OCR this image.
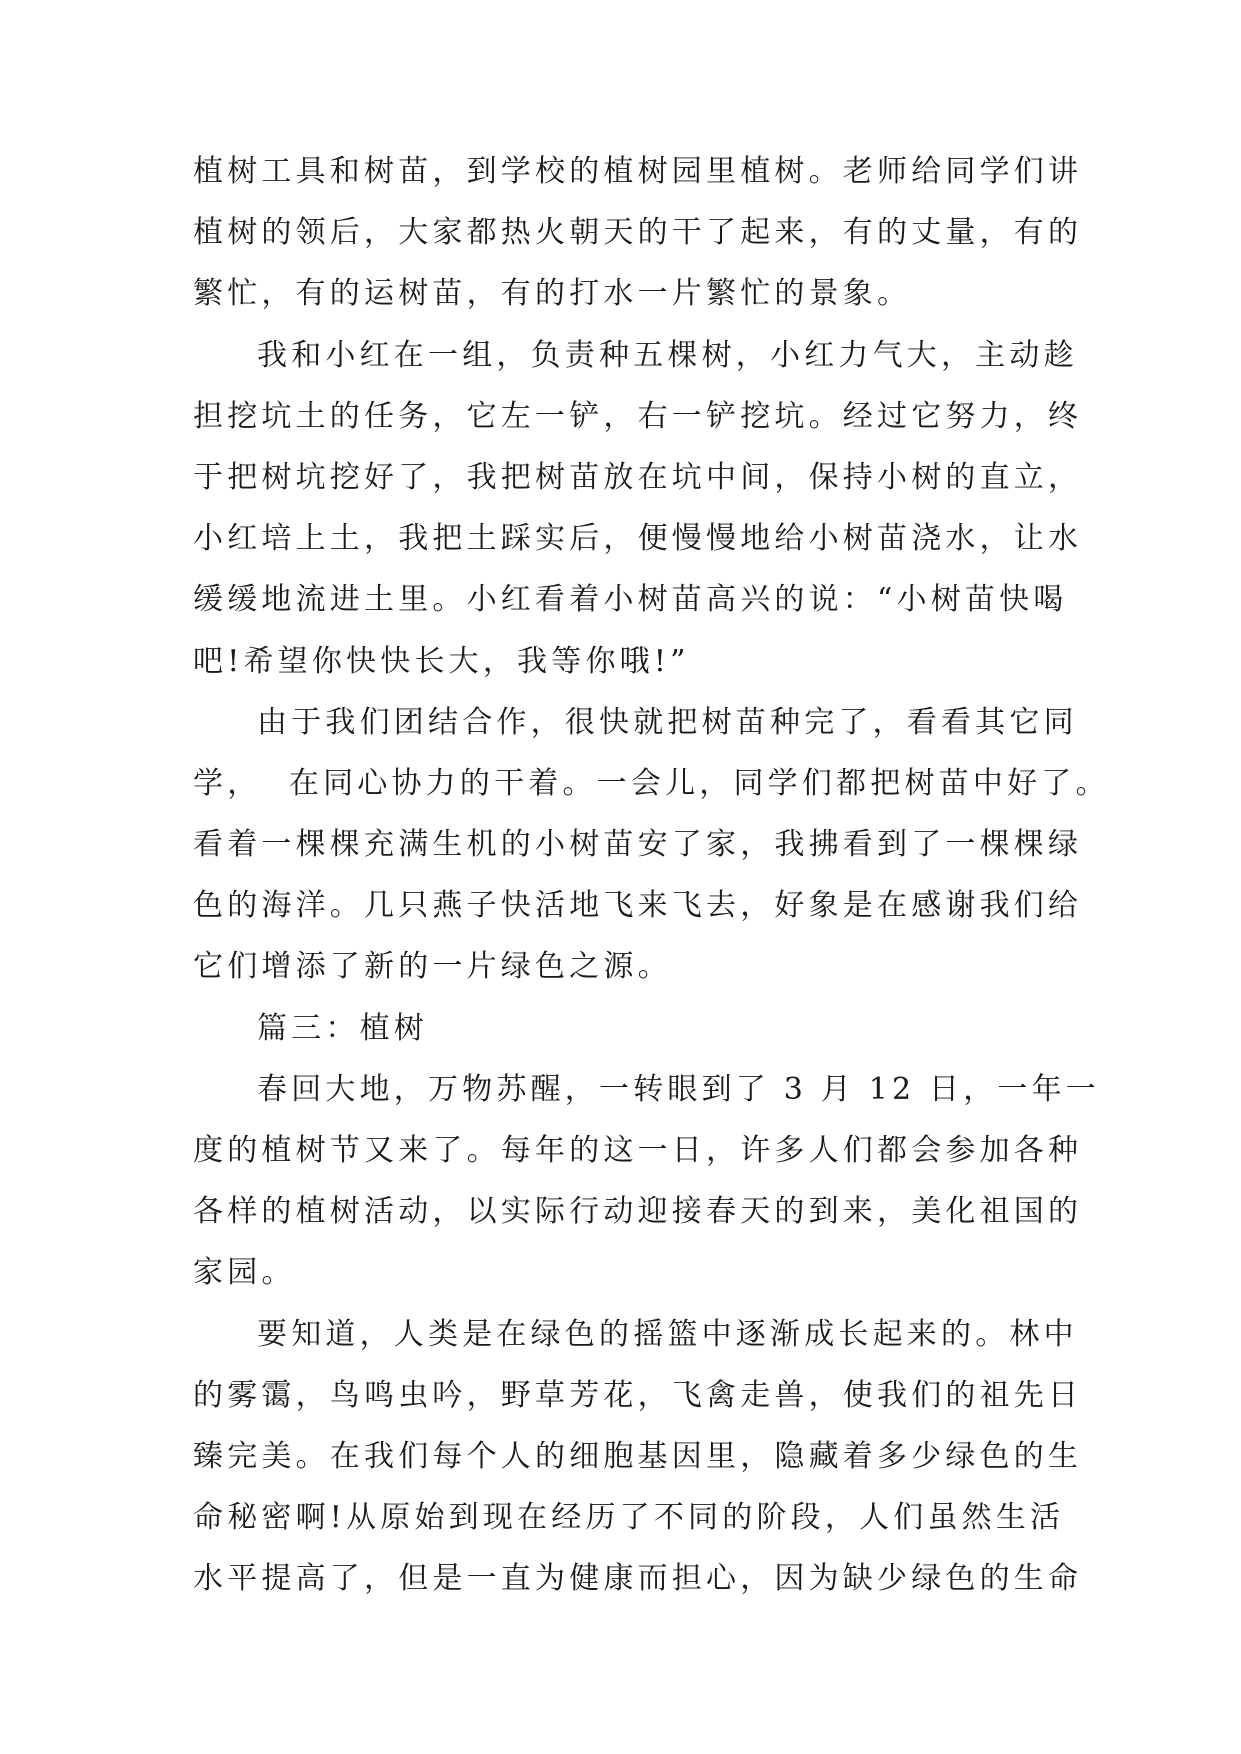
植树工具和树苗，到学校的植树园里植树。老师给同学们讲
植树的领后，大家都热火朝天的干了起来，有的丈量，有的
繁忙，有的运树苗，有的打水一片繁忙的景象。
我和小红在一组，负责种五棵树，小红力气大，主动趁
担挖坑土的任务，它左一铲，右一铲挖坑。经过它努力，终
于把树坑挖好了，我把树苗放在坑中间，保持小树的直立，
小红培上土，我把土踩实后，便慢慢地给小树苗浇水，让水
缓缓地流进土里。小红看着小树苗高兴的说：“小树苗快喝
吧!希望你快快长大，我等你哦!”
由于我们团结合作，很快就把树苗种完了，看看其它同
学，  在同心协力的干着。一会儿，同学们都把树苗中好了。
看着一棵棵充满生机的小树苗安了家，我拂看到了一棵棵绿
色的海洋。几只燕子快活地飞来飞去，好象是在感谢我们给
它们增添了新的一片绿色之源。
篇三：植树
春回大地，万物苏醒，一转眼到了 3 月 12 日，一年一
度的植树节又来了。每年的这一日，许多人们都会参加各种
各样的植树活动，以实际行动迎接春天的到来，美化祖国的
家园。
要知道，人类是在绿色的摇篮中逐渐成长起来的。林中
的雾霭，鸟鸣虫吟，野草芳花，飞禽走兽，使我们的祖先日
臻完美。在我们每个人的细胞基因里，隐藏着多少绿色的生
命秘密啊!从原始到现在经历了不同的阶段，人们虽然生活
水平提高了，但是一直为健康而担心，因为缺少绿色的生命
